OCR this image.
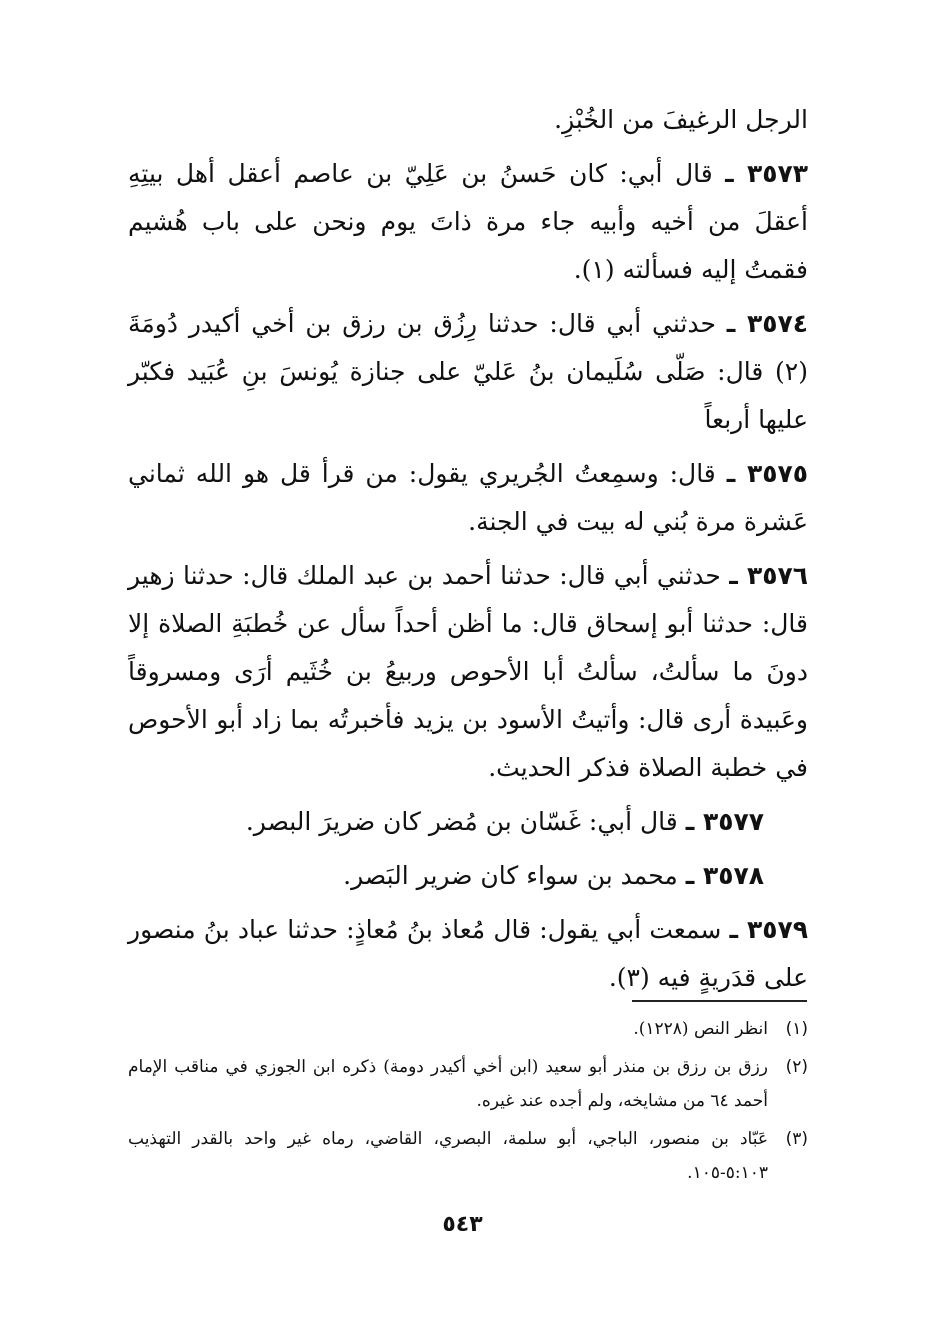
الرجل الرغيفَ من الخُبْزِ.

٣٥٧٣ ـ قال أبي: كان حَسنُ بن عَلِيّ بن عاصم أعقل أهل بيتِهِ أعقلَ من أخيه وأبيه جاء مرة ذاتَ يوم ونحن على باب هُشيم فقمتُ إليه فسألته (١).

٣٥٧٤ ـ حدثني أبي قال: حدثنا رِزُق بن رزق بن أخي أكيدر دُومَةَ (٢) قال: صَلّى سُلَيمان بنُ عَليّ على جنازة يُونسَ بنِ عُبَيد فكبّر عليها أربعاً

٣٥٧٥ ـ قال: وسمِعتُ الجُريري يقول: من قرأ قل هو الله ثماني عَشرة مرة بُني له بيت في الجنة.

٣٥٧٦ ـ حدثني أبي قال: حدثنا أحمد بن عبد الملك قال: حدثنا زهير قال: حدثنا أبو إسحاق قال: ما أظن أحداً سأل عن خُطبَةِ الصلاة إلا دونَ ما سألتُ، سألتُ أبا الأحوص وربيعُ بن خُثَيم أرَى ومسروقاً وعَبيدة أرى قال: وأتيتُ الأسود بن يزيد فأخبرتُه بما زاد أبو الأحوص في خطبة الصلاة فذكر الحديث.

٣٥٧٧ ـ قال أبي: غَسّان بن مُضر كان ضريرَ البصر.

٣٥٧٨ ـ محمد بن سواء كان ضرير البَصر.

٣٥٧٩ ـ سمعت أبي يقول: قال مُعاذ بنُ مُعاذٍ: حدثنا عباد بنُ منصور على قدَريةٍ فيه (٣).

(١)
انظر النص (١٢٢٨).
(٢)
رزق بن رزق بن منذر أبو سعيد (ابن أخي أكيدر دومة) ذكره ابن الجوزي في مناقب الإمام أحمد ٦٤ من مشايخه، ولم أجده عند غيره.
(٣)
عَبّاد بن منصور، الباجي، أبو سلمة، البصري، القاضي، رماه غير واحد بالقدر التهذيب ٥:١٠٣-١٠٥.
٥٤٣
